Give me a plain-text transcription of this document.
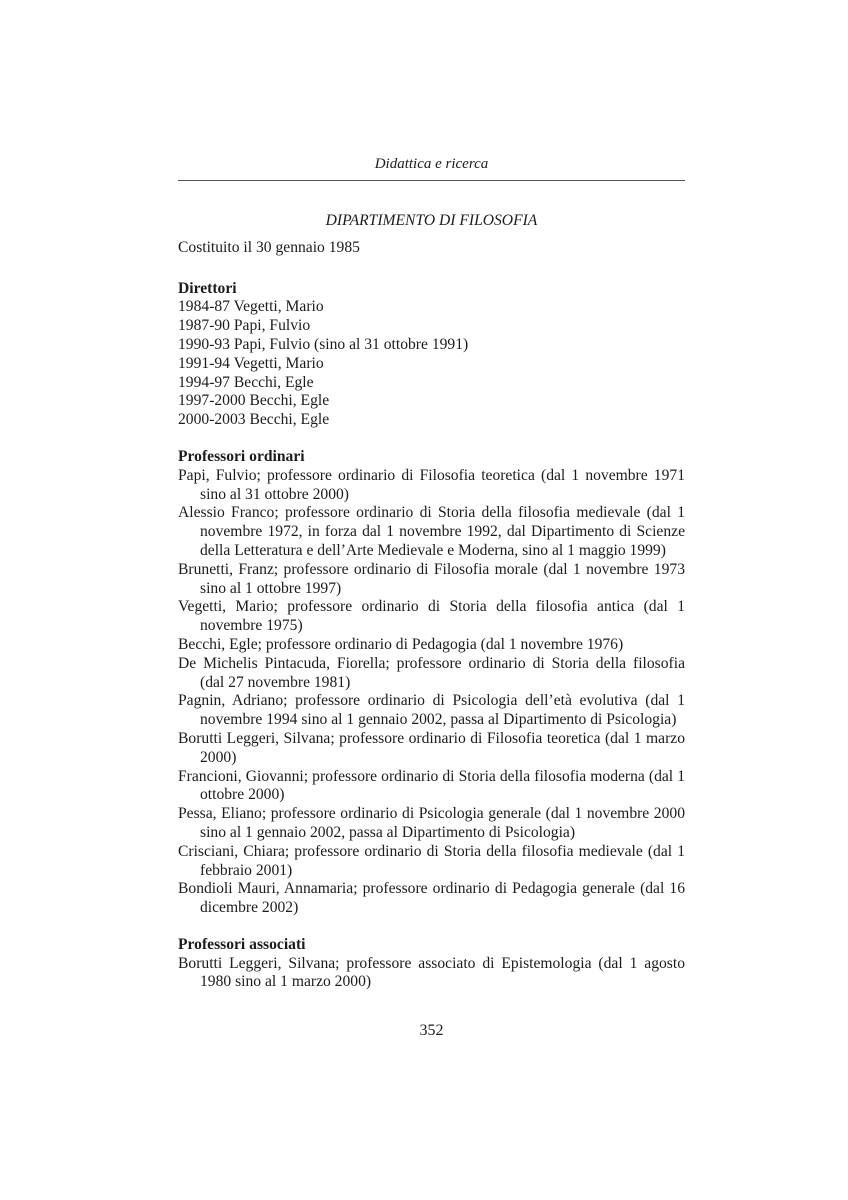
Didattica e ricerca

DIPARTIMENTO DI FILOSOFIA

Costituito il 30 gennaio 1985

Direttori

1984-87 Vegetti, Mario

1987-90 Papi, Fulvio

1990-93 Papi, Fulvio (sino al 31 ottobre 1991)

1991-94 Vegetti, Mario

1994-97 Becchi, Egle

1997-2000 Becchi, Egle

2000-2003 Becchi, Egle

Professori ordinari

Papi, Fulvio; professore ordinario di Filosofia teoretica (dal 1 novembre 1971 sino al 31 ottobre 2000)

Alessio Franco; professore ordinario di Storia della filosofia medievale (dal 1 novembre 1972, in forza dal 1 novembre 1992, dal Dipartimento di Scienze della Letteratura e dell’Arte Medievale e Moderna, sino al 1 maggio 1999)

Brunetti, Franz; professore ordinario di Filosofia morale (dal 1 novembre 1973 sino al 1 ottobre 1997)

Vegetti, Mario; professore ordinario di Storia della filosofia antica (dal 1 novembre 1975)

Becchi, Egle; professore ordinario di Pedagogia (dal 1 novembre 1976)

De Michelis Pintacuda, Fiorella; professore ordinario di Storia della filosofia (dal 27 novembre 1981)

Pagnin, Adriano; professore ordinario di Psicologia dell’età evolutiva (dal 1 novembre 1994 sino al 1 gennaio 2002, passa al Dipartimento di Psicologia)

Borutti Leggeri, Silvana; professore ordinario di Filosofia teoretica (dal 1 marzo 2000)

Francioni, Giovanni; professore ordinario di Storia della filosofia moderna (dal 1 ottobre 2000)

Pessa, Eliano; professore ordinario di Psicologia generale (dal 1 novembre 2000 sino al 1 gennaio 2002, passa al Dipartimento di Psicologia)

Crisciani, Chiara; professore ordinario di Storia della filosofia medievale (dal 1 febbraio 2001)

Bondioli Mauri, Annamaria; professore ordinario di Pedagogia generale (dal 16 dicembre 2002)

Professori associati

Borutti Leggeri, Silvana; professore associato di Epistemologia (dal 1 agosto 1980 sino al 1 marzo 2000)

352
